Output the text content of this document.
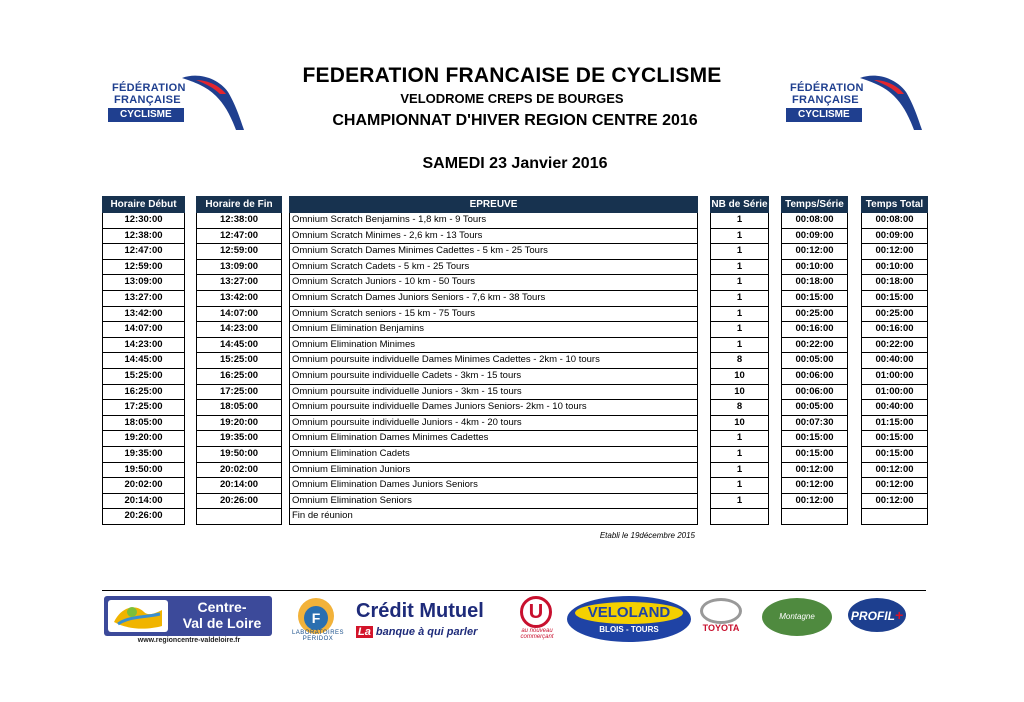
FÉDÉRATION
FRANÇAISE
CYCLISME
FÉDÉRATION
FRANÇAISE
CYCLISME
FEDERATION FRANCAISE DE CYCLISME
VELODROME CREPS DE BOURGES
CHAMPIONNAT D'HIVER REGION CENTRE 2016
SAMEDI 23 Janvier 2016
Horaire Début
12:30:00
12:38:00
12:47:00
12:59:00
13:09:00
13:27:00
13:42:00
14:07:00
14:23:00
14:45:00
15:25:00
16:25:00
17:25:00
18:05:00
19:20:00
19:35:00
19:50:00
20:02:00
20:14:00
20:26:00
Horaire de Fin
12:38:00
12:47:00
12:59:00
13:09:00
13:27:00
13:42:00
14:07:00
14:23:00
14:45:00
15:25:00
16:25:00
17:25:00
18:05:00
19:20:00
19:35:00
19:50:00
20:02:00
20:14:00
20:26:00
EPREUVE
Omnium Scratch Benjamins - 1,8 km - 9 Tours
Omnium Scratch Minimes - 2,6 km - 13 Tours
Omnium Scratch Dames Minimes Cadettes - 5 km - 25 Tours
Omnium Scratch Cadets - 5 km - 25 Tours
Omnium Scratch Juniors - 10 km - 50 Tours
Omnium Scratch Dames Juniors Seniors - 7,6 km - 38 Tours
Omnium Scratch seniors - 15 km - 75 Tours
Omnium Elimination Benjamins
Omnium Elimination Minimes
Omnium poursuite individuelle Dames Minimes Cadettes - 2km - 10 tours
Omnium poursuite individuelle Cadets - 3km - 15 tours
Omnium poursuite individuelle Juniors - 3km - 15 tours
Omnium poursuite individuelle Dames Juniors Seniors- 2km - 10 tours
Omnium poursuite individuelle Juniors - 4km - 20 tours
Omnium Elimination Dames Minimes Cadettes
Omnium Elimination Cadets
Omnium Elimination Juniors
Omnium Elimination Dames Juniors Seniors
Omnium Elimination Seniors
Fin de réunion
NB de Série
1
1
1
1
1
1
1
1
1
8
10
10
8
10
1
1
1
1
1
Temps/Série
00:08:00
00:09:00
00:12:00
00:10:00
00:18:00
00:15:00
00:25:00
00:16:00
00:22:00
00:05:00
00:06:00
00:06:00
00:05:00
00:07:30
00:15:00
00:15:00
00:12:00
00:12:00
00:12:00
Temps Total
00:08:00
00:09:00
00:12:00
00:10:00
00:18:00
00:15:00
00:25:00
00:16:00
00:22:00
00:40:00
01:00:00
01:00:00
00:40:00
01:15:00
00:15:00
00:15:00
00:12:00
00:12:00
00:12:00
Etabli le 19décembre 2015
Centre-
Val de Loire
www.regioncentre-valdeloire.fr
F
LABORATOIRES PERIDOX
Crédit Mutuel
La banque à qui parler
U
au nouveau commerçant
VELOLAND
BLOIS - TOURS	TOYOTA
Montagne	PROFIL+
